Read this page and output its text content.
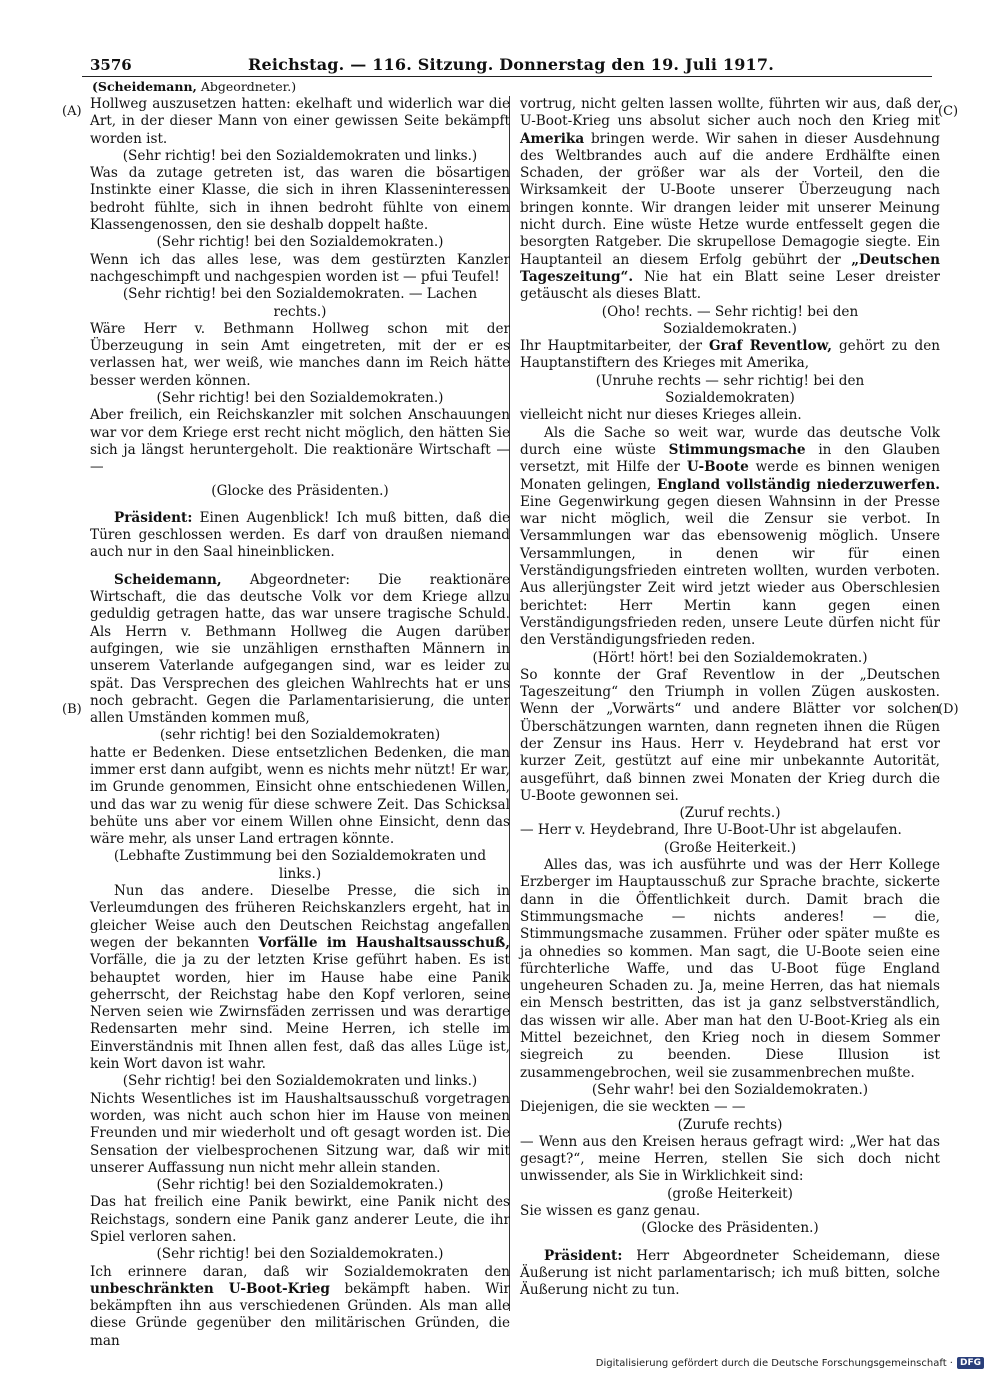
3576	Reichstag. — 116. Sitzung. Donnerstag den 19. Juli 1917.
(Scheidemann, Abgeordneter.)
(A)
(B)
(C)
(D)

Hollweg auszusetzen hatten: ekelhaft und widerlich war die Art, in der dieser Mann von einer gewissen Seite bekämpft worden ist.

(Sehr richtig! bei den Sozialdemokraten und links.)

Was da zutage getreten ist, das waren die bösartigen Instinkte einer Klasse, die sich in ihren Klasseninteressen bedroht fühlte, sich in ihnen bedroht fühlte von einem Klassengenossen, den sie deshalb doppelt haßte.

(Sehr richtig! bei den Sozialdemokraten.)

Wenn ich das alles lese, was dem gestürzten Kanzler nachgeschimpft und nachgespien worden ist — pfui Teufel!

(Sehr richtig! bei den Sozialdemokraten. — Lachen rechts.)

Wäre Herr v. Bethmann Hollweg schon mit der Überzeugung in sein Amt eingetreten, mit der er es verlassen hat, wer weiß, wie manches dann im Reich hätte besser werden können.

(Sehr richtig! bei den Sozialdemokraten.)

Aber freilich, ein Reichskanzler mit solchen Anschauungen war vor dem Kriege erst recht nicht möglich, den hätten Sie sich ja längst heruntergeholt. Die reaktionäre Wirtschaft — —

(Glocke des Präsidenten.)

Präsident: Einen Augenblick! Ich muß bitten, daß die Türen geschlossen werden. Es darf von draußen niemand auch nur in den Saal hineinblicken.

Scheidemann, Abgeordneter: Die reaktionäre Wirtschaft, die das deutsche Volk vor dem Kriege allzu geduldig getragen hatte, das war unsere tragische Schuld. Als Herrn v. Bethmann Hollweg die Augen darüber aufgingen, wie sie unzähligen ernsthaften Männern in unserem Vaterlande aufgegangen sind, war es leider zu spät. Das Versprechen des gleichen Wahlrechts hat er uns noch gebracht. Gegen die Parlamentarisierung, die unter allen Umständen kommen muß,

(sehr richtig! bei den Sozialdemokraten)

hatte er Bedenken. Diese entsetzlichen Bedenken, die man immer erst dann aufgibt, wenn es nichts mehr nützt! Er war, im Grunde genommen, Einsicht ohne entschiedenen Willen, und das war zu wenig für diese schwere Zeit. Das Schicksal behüte uns aber vor einem Willen ohne Einsicht, denn das wäre mehr, als unser Land ertragen könnte.

(Lebhafte Zustimmung bei den Sozialdemokraten und links.)

Nun das andere. Dieselbe Presse, die sich in Verleumdungen des früheren Reichskanzlers ergeht, hat in gleicher Weise auch den Deutschen Reichstag angefallen wegen der bekannten Vorfälle im Haushaltsausschuß, Vorfälle, die ja zu der letzten Krise geführt haben. Es ist behauptet worden, hier im Hause habe eine Panik geherrscht, der Reichstag habe den Kopf verloren, seine Nerven seien wie Zwirnsfäden zerrissen und was derartige Redensarten mehr sind. Meine Herren, ich stelle im Einverständnis mit Ihnen allen fest, daß das alles Lüge ist, kein Wort davon ist wahr.

(Sehr richtig! bei den Sozialdemokraten und links.)

Nichts Wesentliches ist im Haushaltsausschuß vorgetragen worden, was nicht auch schon hier im Hause von meinen Freunden und mir wiederholt und oft gesagt worden ist. Die Sensation der vielbesprochenen Sitzung war, daß wir mit unserer Auffassung nun nicht mehr allein standen.

(Sehr richtig! bei den Sozialdemokraten.)

Das hat freilich eine Panik bewirkt, eine Panik nicht des Reichstags, sondern eine Panik ganz anderer Leute, die ihr Spiel verloren sahen.

(Sehr richtig! bei den Sozialdemokraten.)

Ich erinnere daran, daß wir Sozialdemokraten den unbeschränkten U-Boot-Krieg bekämpft haben. Wir bekämpften ihn aus verschiedenen Gründen. Als man alle diese Gründe gegenüber den militärischen Gründen, die man

vortrug, nicht gelten lassen wollte, führten wir aus, daß der U-Boot-Krieg uns absolut sicher auch noch den Krieg mit Amerika bringen werde. Wir sahen in dieser Ausdehnung des Weltbrandes auch auf die andere Erdhälfte einen Schaden, der größer war als der Vorteil, den die Wirksamkeit der U-Boote unserer Überzeugung nach bringen konnte. Wir drangen leider mit unserer Meinung nicht durch. Eine wüste Hetze wurde entfesselt gegen die besorgten Ratgeber. Die skrupellose Demagogie siegte. Ein Hauptanteil an diesem Erfolg gebührt der „Deutschen Tageszeitung“. Nie hat ein Blatt seine Leser dreister getäuscht als dieses Blatt.

(Oho! rechts. — Sehr richtig! bei den Sozialdemokraten.)

Ihr Hauptmitarbeiter, der Graf Reventlow, gehört zu den Hauptanstiftern des Krieges mit Amerika,

(Unruhe rechts — sehr richtig! bei den Sozialdemokraten)

vielleicht nicht nur dieses Krieges allein.

Als die Sache so weit war, wurde das deutsche Volk durch eine wüste Stimmungsmache in den Glauben versetzt, mit Hilfe der U-Boote werde es binnen wenigen Monaten gelingen, England vollständig niederzuwerfen. Eine Gegenwirkung gegen diesen Wahnsinn in der Presse war nicht möglich, weil die Zensur sie verbot. In Versammlungen war das ebensowenig möglich. Unsere Versammlungen, in denen wir für einen Verständigungsfrieden eintreten wollten, wurden verboten. Aus allerjüngster Zeit wird jetzt wieder aus Oberschlesien berichtet: Herr Mertin kann gegen einen Verständigungsfrieden reden, unsere Leute dürfen nicht für den Verständigungsfrieden reden.

(Hört! hört! bei den Sozialdemokraten.)

So konnte der Graf Reventlow in der „Deutschen Tageszeitung“ den Triumph in vollen Zügen auskosten. Wenn der „Vorwärts“ und andere Blätter vor solchen Überschätzungen warnten, dann regneten ihnen die Rügen der Zensur ins Haus. Herr v. Heydebrand hat erst vor kurzer Zeit, gestützt auf eine mir unbekannte Autorität, ausgeführt, daß binnen zwei Monaten der Krieg durch die U-Boote gewonnen sei.

(Zuruf rechts.)

— Herr v. Heydebrand, Ihre U-Boot-Uhr ist abgelaufen.

(Große Heiterkeit.)

Alles das, was ich ausführte und was der Herr Kollege Erzberger im Hauptausschuß zur Sprache brachte, sickerte dann in die Öffentlichkeit durch. Damit brach die Stimmungsmache — nichts anderes! — die, Stimmungsmache zusammen. Früher oder später mußte es ja ohnedies so kommen. Man sagt, die U-Boote seien eine fürchterliche Waffe, und das U-Boot füge England ungeheuren Schaden zu. Ja, meine Herren, das hat niemals ein Mensch bestritten, das ist ja ganz selbstverständlich, das wissen wir alle. Aber man hat den U-Boot-Krieg als ein Mittel bezeichnet, den Krieg noch in diesem Sommer siegreich zu beenden. Diese Illusion ist zusammengebrochen, weil sie zusammenbrechen mußte.

(Sehr wahr! bei den Sozialdemokraten.)

Diejenigen, die sie weckten — —

(Zurufe rechts)

— Wenn aus den Kreisen heraus gefragt wird: „Wer hat das gesagt?“, meine Herren, stellen Sie sich doch nicht unwissender, als Sie in Wirklichkeit sind:

(große Heiterkeit)

Sie wissen es ganz genau.

(Glocke des Präsidenten.)

Präsident: Herr Abgeordneter Scheidemann, diese Äußerung ist nicht parlamentarisch; ich muß bitten, solche Äußerung nicht zu tun.

Digitalisierung gefördert durch die Deutsche Forschungsgemeinschaft · DFG
